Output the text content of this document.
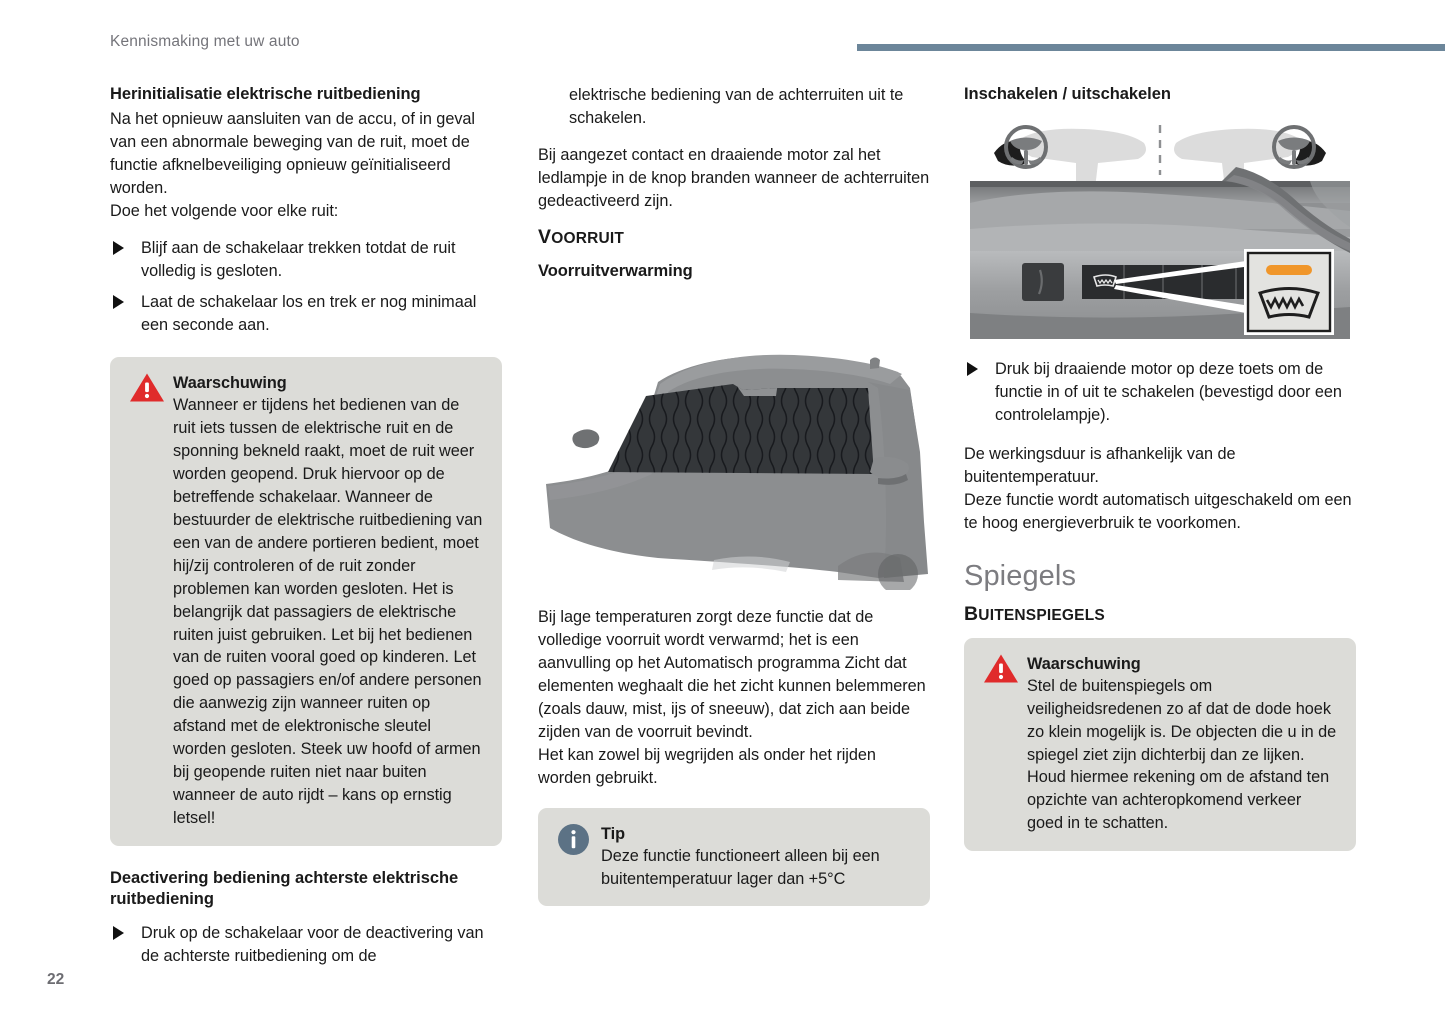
Kennismaking met uw auto
22
Herinitialisatie elektrische ruitbediening

Na het opnieuw aansluiten van de accu, of in geval van een abnormale beweging van de ruit, moet de functie afknelbeveiliging opnieuw geïnitialiseerd worden.

Doe het volgende voor elke ruit:

Blijf aan de schakelaar trekken totdat de ruit volledig is gesloten.
Laat de schakelaar los en trek er nog minimaal een seconde aan.
Waarschuwing
Wanneer er tijdens het bedienen van de ruit iets tussen de elektrische ruit en de sponning bekneld raakt, moet de ruit weer worden geopend. Druk hiervoor op de betreffende schakelaar. Wanneer de bestuurder de elektrische ruitbediening van een van de andere portieren bedient, moet hij/zij controleren of de ruit zonder problemen kan worden gesloten. Het is belangrijk dat passagiers de elektrische ruiten juist gebruiken. Let bij het bedienen van de ruiten vooral goed op kinderen. Let goed op passagiers en/of andere personen die aanwezig zijn wanneer ruiten op afstand met de elektronische sleutel worden gesloten. Steek uw hoofd of armen bij geopende ruiten niet naar buiten wanneer de auto rijdt – kans op ernstig letsel!
Deactivering bediening achterste elektrische ruitbediening
Druk op de schakelaar voor de deactivering van de achterste ruitbediening om de

elektrische bediening van de achterruiten uit te schakelen.

Bij aangezet contact en draaiende motor zal het ledlampje in de knop branden wanneer de achterruiten gedeactiveerd zijn.

VOORRUIT
Voorruitverwarming

Bij lage temperaturen zorgt deze functie dat de volledige voorruit wordt verwarmd; het is een aanvulling op het Automatisch programma Zicht dat elementen weghaalt die het zicht kunnen belemmeren (zoals dauw, mist, ijs of sneeuw), dat zich aan beide zijden van de voorruit bevindt.

Het kan zowel bij wegrijden als onder het rijden worden gebruikt.

Tip
Deze functie functioneert alleen bij een buitentemperatuur lager dan +5°C
Inschakelen / uitschakelen
Druk bij draaiende motor op deze toets om de functie in of uit te schakelen (bevestigd door een controlelampje).

De werkingsduur is afhankelijk van de buitentemperatuur.

Deze functie wordt automatisch uitgeschakeld om een te hoog energieverbruik te voorkomen.

Spiegels
BUITENSPIEGELS
Waarschuwing
Stel de buitenspiegels om veiligheidsredenen zo af dat de dode hoek zo klein mogelijk is. De objecten die u in de spiegel ziet zijn dichterbij dan ze lijken. Houd hiermee rekening om de afstand ten opzichte van achteropkomend verkeer goed in te schatten.
